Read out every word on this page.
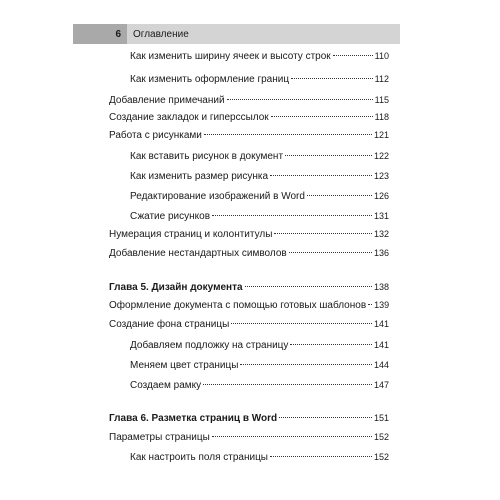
6	Оглавление
Как изменить ширину ячеек и высоту строк	110
Как изменить оформление границ	112
Добавление примечаний	115
Создание закладок и гиперссылок	118
Работа с рисунками	121
Как вставить рисунок в документ	122
Как изменить размер рисунка	123
Редактирование изображений в Word	126
Сжатие рисунков	131
Нумерация страниц и колонтитулы	132
Добавление нестандартных символов	136
Глава 5. Дизайн документа	138
Оформление документа с помощью готовых шаблонов 139
Создание фона страницы	141
Добавляем подложку на страницу	141
Меняем цвет страницы	144
Создаем рамку	147
Глава 6. Разметка страниц в Word	151
Параметры страницы	152
Как настроить поля страницы	152
